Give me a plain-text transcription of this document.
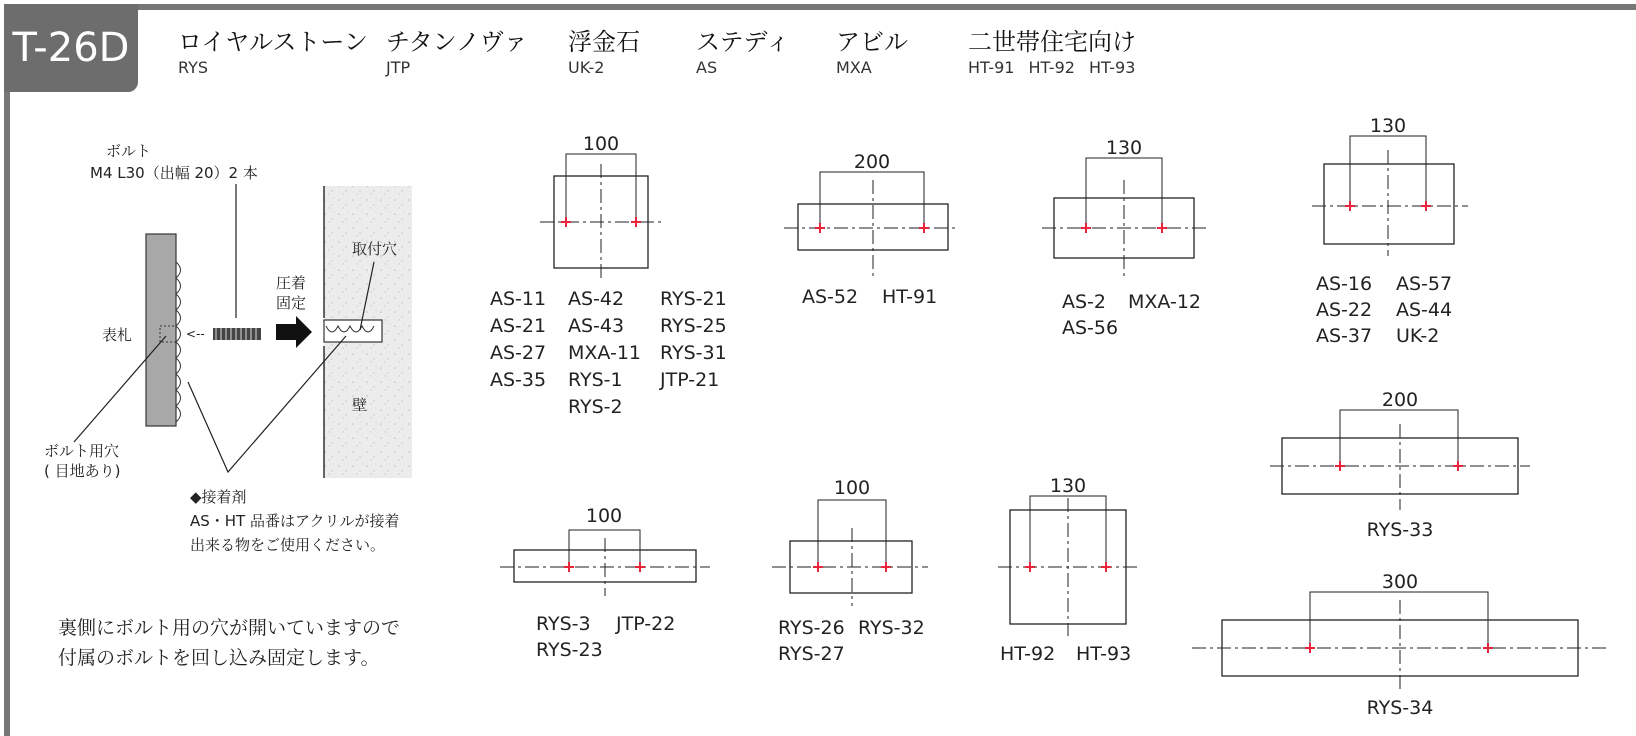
T-26D	ロイヤルストーン
RYS
チタンノヴァ
JTP
浮金石
UK-2
ステディ
AS
アビル
MXA
二世帯住宅向け
HT-91 HT-92 HT-93
ボルト
M4 L30（出幅 20）2 本
表札	<--
圧着
固定
取付穴
壁
ボルト用穴
( 目地あり)
◆接着剤
AS・HT 品番はアクリルが接着
出来る物をご使用ください。
裏側にボルト用の穴が開いていますので
付属のボルトを回し込み固定します。
100
AS-11
AS-21
AS-27
AS-35
AS-42
AS-43
MXA-11
RYS-1
RYS-2
RYS-21
RYS-25
RYS-31
JTP-21
200
AS-52 HT-91
130
AS-2
AS-56
MXA-12
130
AS-16
AS-22
AS-37
AS-57
AS-44
UK-2
200
RYS-33
100
RYS-3
RYS-23
JTP-22
100
RYS-26
RYS-27
RYS-32
130
HT-92 HT-93
300
RYS-34
